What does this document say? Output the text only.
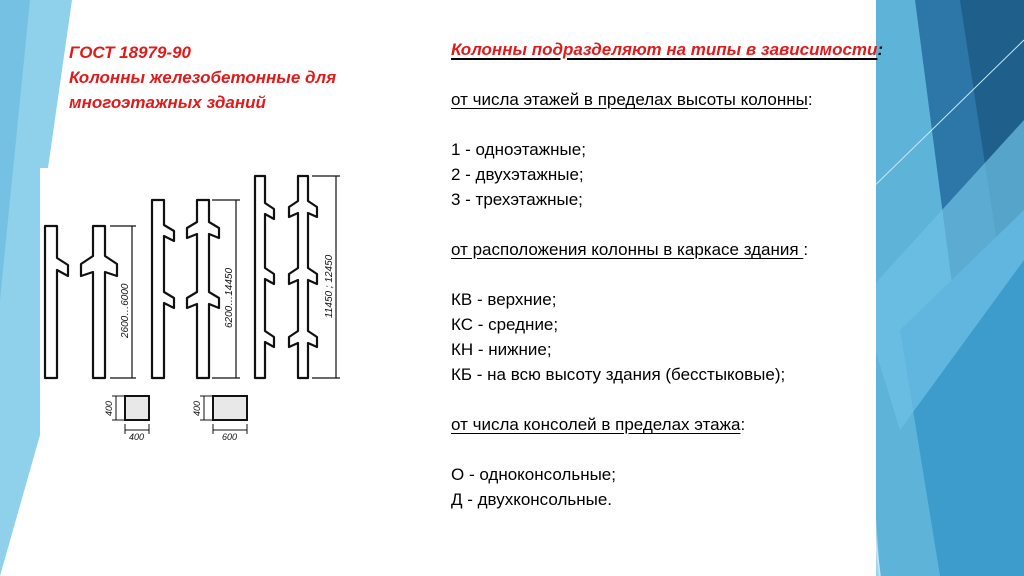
ГОСТ 18979-90
Колонны железобетонные для
многоэтажных зданий
2600…6000	6200…14450	11450 ; 12450
400
400
400
600
Колонны подразделяют на типы в зависимости:
от числа этажей в пределах высоты колонны:
1 - одноэтажные;
2 - двухэтажные;
3 - трехэтажные;
от расположения колонны в каркасе здания :
КВ - верхние;
КС - средние;
КН - нижние;
КБ - на всю высоту здания (бесстыковые);
от числа консолей в пределах этажа:
О - одноконсольные;
Д - двухконсольные.
